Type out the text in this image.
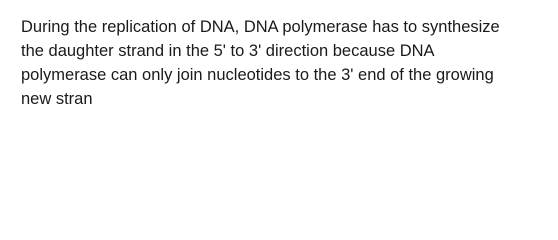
During the replication of DNA, DNA polymerase has to synthesize
the daughter strand in the 5' to 3' direction because DNA
polymerase can only join nucleotides to the 3' end of the growing
new stran
